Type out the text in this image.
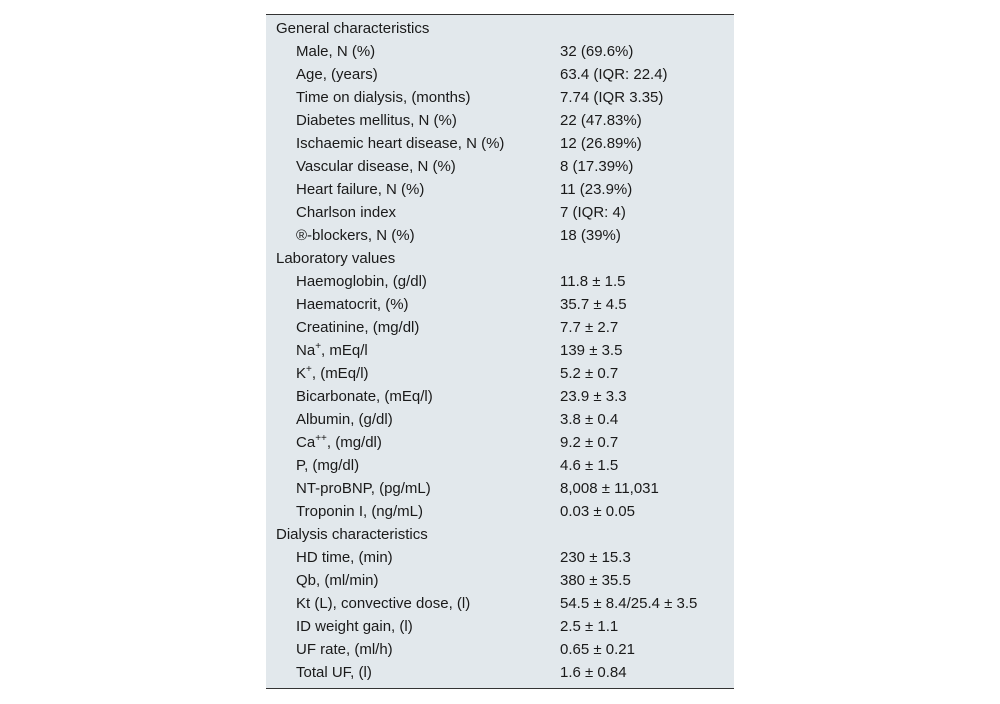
General characteristics	
Male, N (%)	32 (69.6%)
Age, (years)	63.4 (IQR: 22.4)
Time on dialysis, (months)	7.74 (IQR 3.35)
Diabetes mellitus, N (%)	22 (47.83%)
Ischaemic heart disease, N (%)	12 (26.89%)
Vascular disease, N (%)	8 (17.39%)
Heart failure, N (%)	11 (23.9%)
Charlson index	7 (IQR: 4)
®-blockers, N (%)	18 (39%)
Laboratory values	
Haemoglobin, (g/dl)	11.8 ± 1.5
Haematocrit, (%)	35.7 ± 4.5
Creatinine, (mg/dl)	7.7 ± 2.7
Na+, mEq/l	139 ± 3.5
K+, (mEq/l)	5.2 ± 0.7
Bicarbonate, (mEq/l)	23.9 ± 3.3
Albumin, (g/dl)	3.8 ± 0.4
Ca++, (mg/dl)	9.2 ± 0.7
P, (mg/dl)	4.6 ± 1.5
NT-proBNP, (pg/mL)	8,008 ± 11,031
Troponin I, (ng/mL)	0.03 ± 0.05
Dialysis characteristics	
HD time, (min)	230 ± 15.3
Qb, (ml/min)	380 ± 35.5
Kt (L), convective dose, (l)	54.5 ± 8.4/25.4 ± 3.5
ID weight gain, (l)	2.5 ± 1.1
UF rate, (ml/h)	0.65 ± 0.21
Total UF, (l)	1.6 ± 0.84
